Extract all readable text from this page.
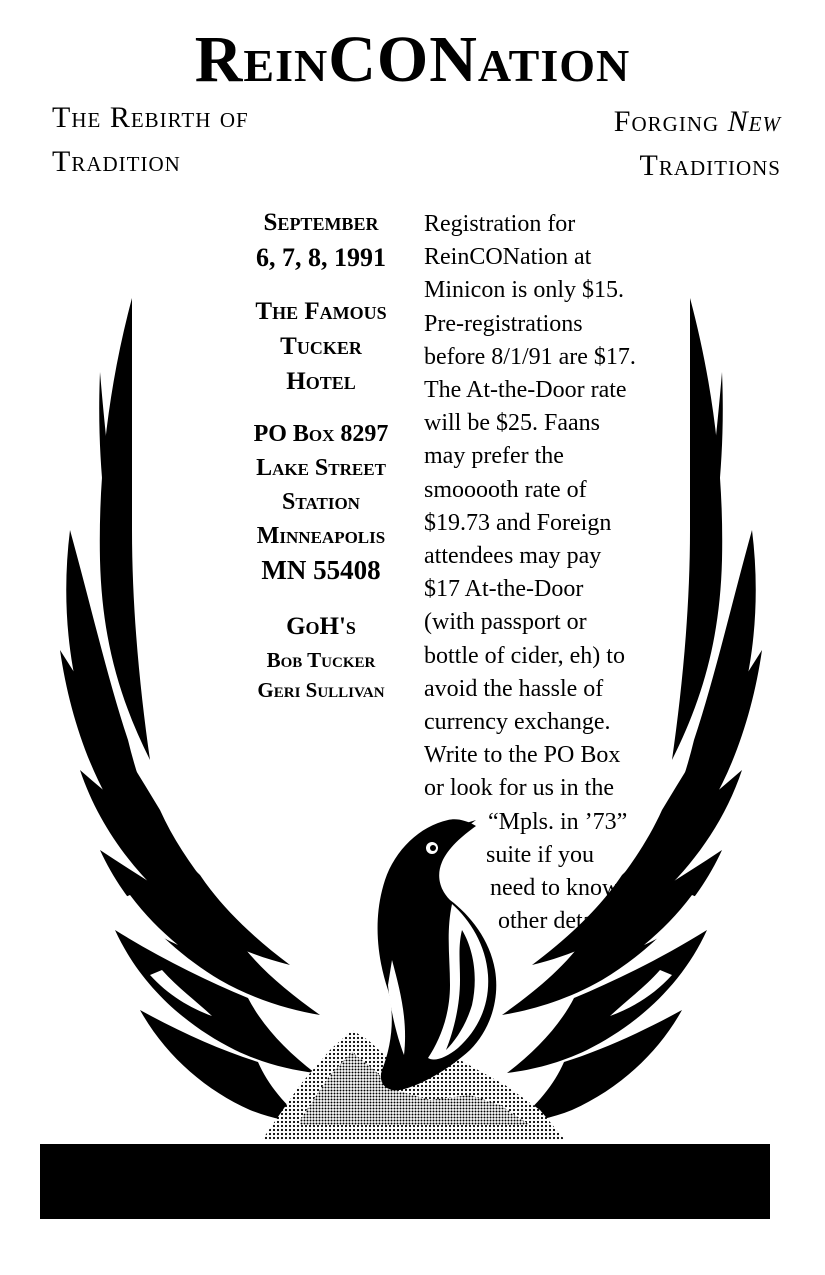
ReinCONation
The Rebirth of
Tradition
Forging New
Traditions
September
6, 7, 8, 1991
The Famous
Tucker
Hotel
PO Box 8297
Lake Street
Station
Minneapolis
MN 55408
GoH's
Bob Tucker
Geri Sullivan
Registration for
ReinCONation at
Minicon is only $15.
Pre-registrations
before 8/1/91 are $17.
The At-the-Door rate
will be $25. Faans
may prefer the
smooooth rate of
$19.73 and Foreign
attendees may pay
$17 At-the-Door
(with passport or
bottle of cider, eh) to
avoid the hassle of
currency exchange.
Write to the PO Box
or look for us in the
“Mpls. in ’73”
suite if you
need to know
other details.
